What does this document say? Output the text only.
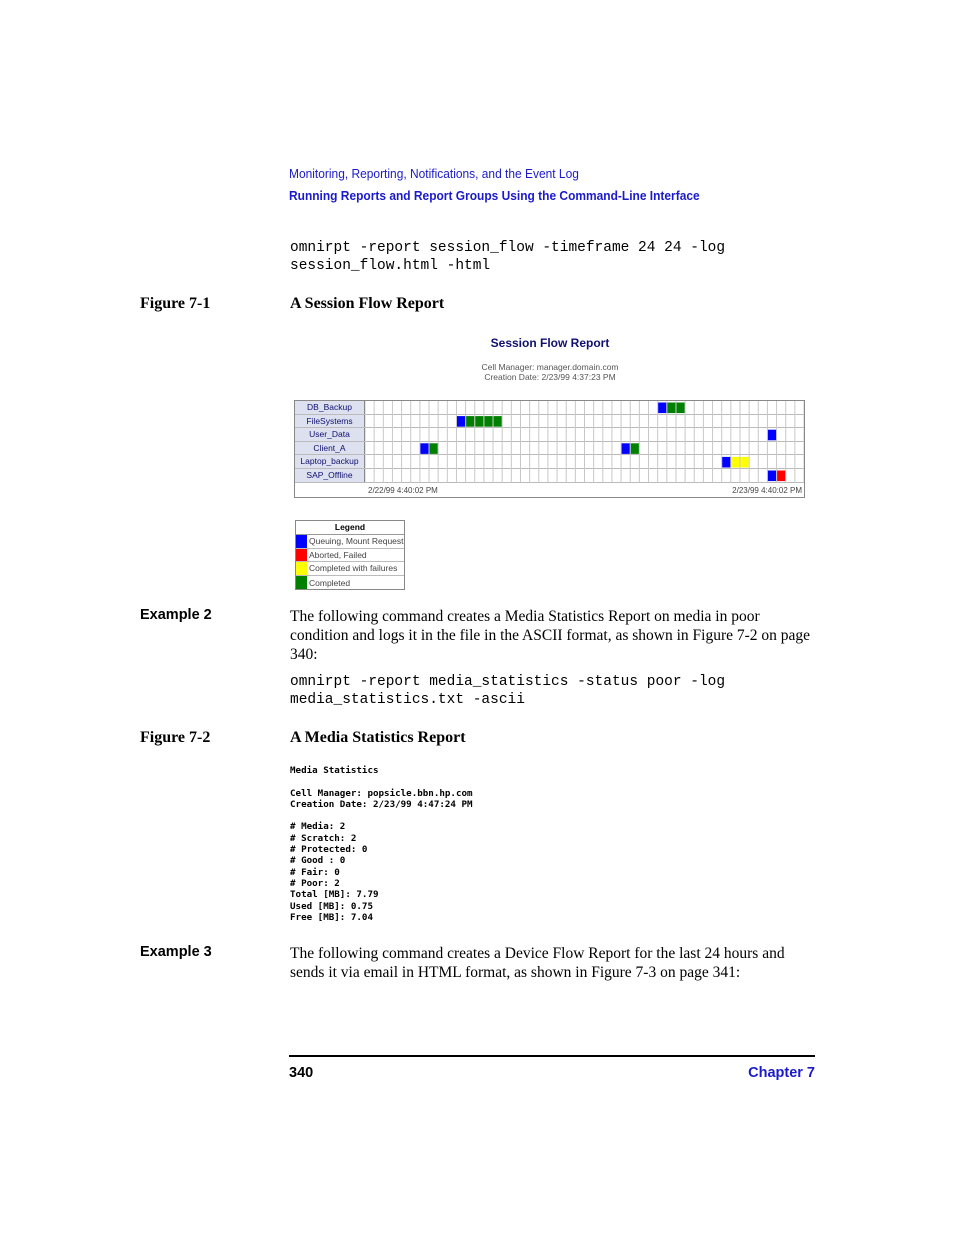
Monitoring, Reporting, Notifications, and the Event Log
Running Reports and Report Groups Using the Command-Line Interface
omnirpt -report session_flow -timeframe 24 24 -log
session_flow.html -html
Figure 7-1	A Session Flow Report
Session Flow Report
Cell Manager: manager.domain.com
Creation Date: 2/23/99 4:37:23 PM
DB_Backup
FileSystems
User_Data
Client_A
Laptop_backup
SAP_Offline
2/22/99 4:40:02 PM	2/23/99 4:40:02 PM
Legend
Queuing, Mount Request
Aborted, Failed
Completed with failures
Completed
Example 2	The following command creates a Media Statistics Report on media in poor condition and logs it in the file in the ASCII format, as shown in Figure 7-2 on page 340:
omnirpt -report media_statistics -status poor -log
media_statistics.txt -ascii
Figure 7-2	A Media Statistics Report
Media Statistics

Cell Manager: popsicle.bbn.hp.com
Creation Date: 2/23/99 4:47:24 PM

# Media: 2
# Scratch: 2
# Protected: 0
# Good : 0
# Fair: 0
# Poor: 2
Total [MB]: 7.79
Used [MB]: 0.75
Free [MB]: 7.04
Example 3	The following command creates a Device Flow Report for the last 24 hours and sends it via email in HTML format, as shown in Figure 7-3 on page 341:
340	Chapter 7
